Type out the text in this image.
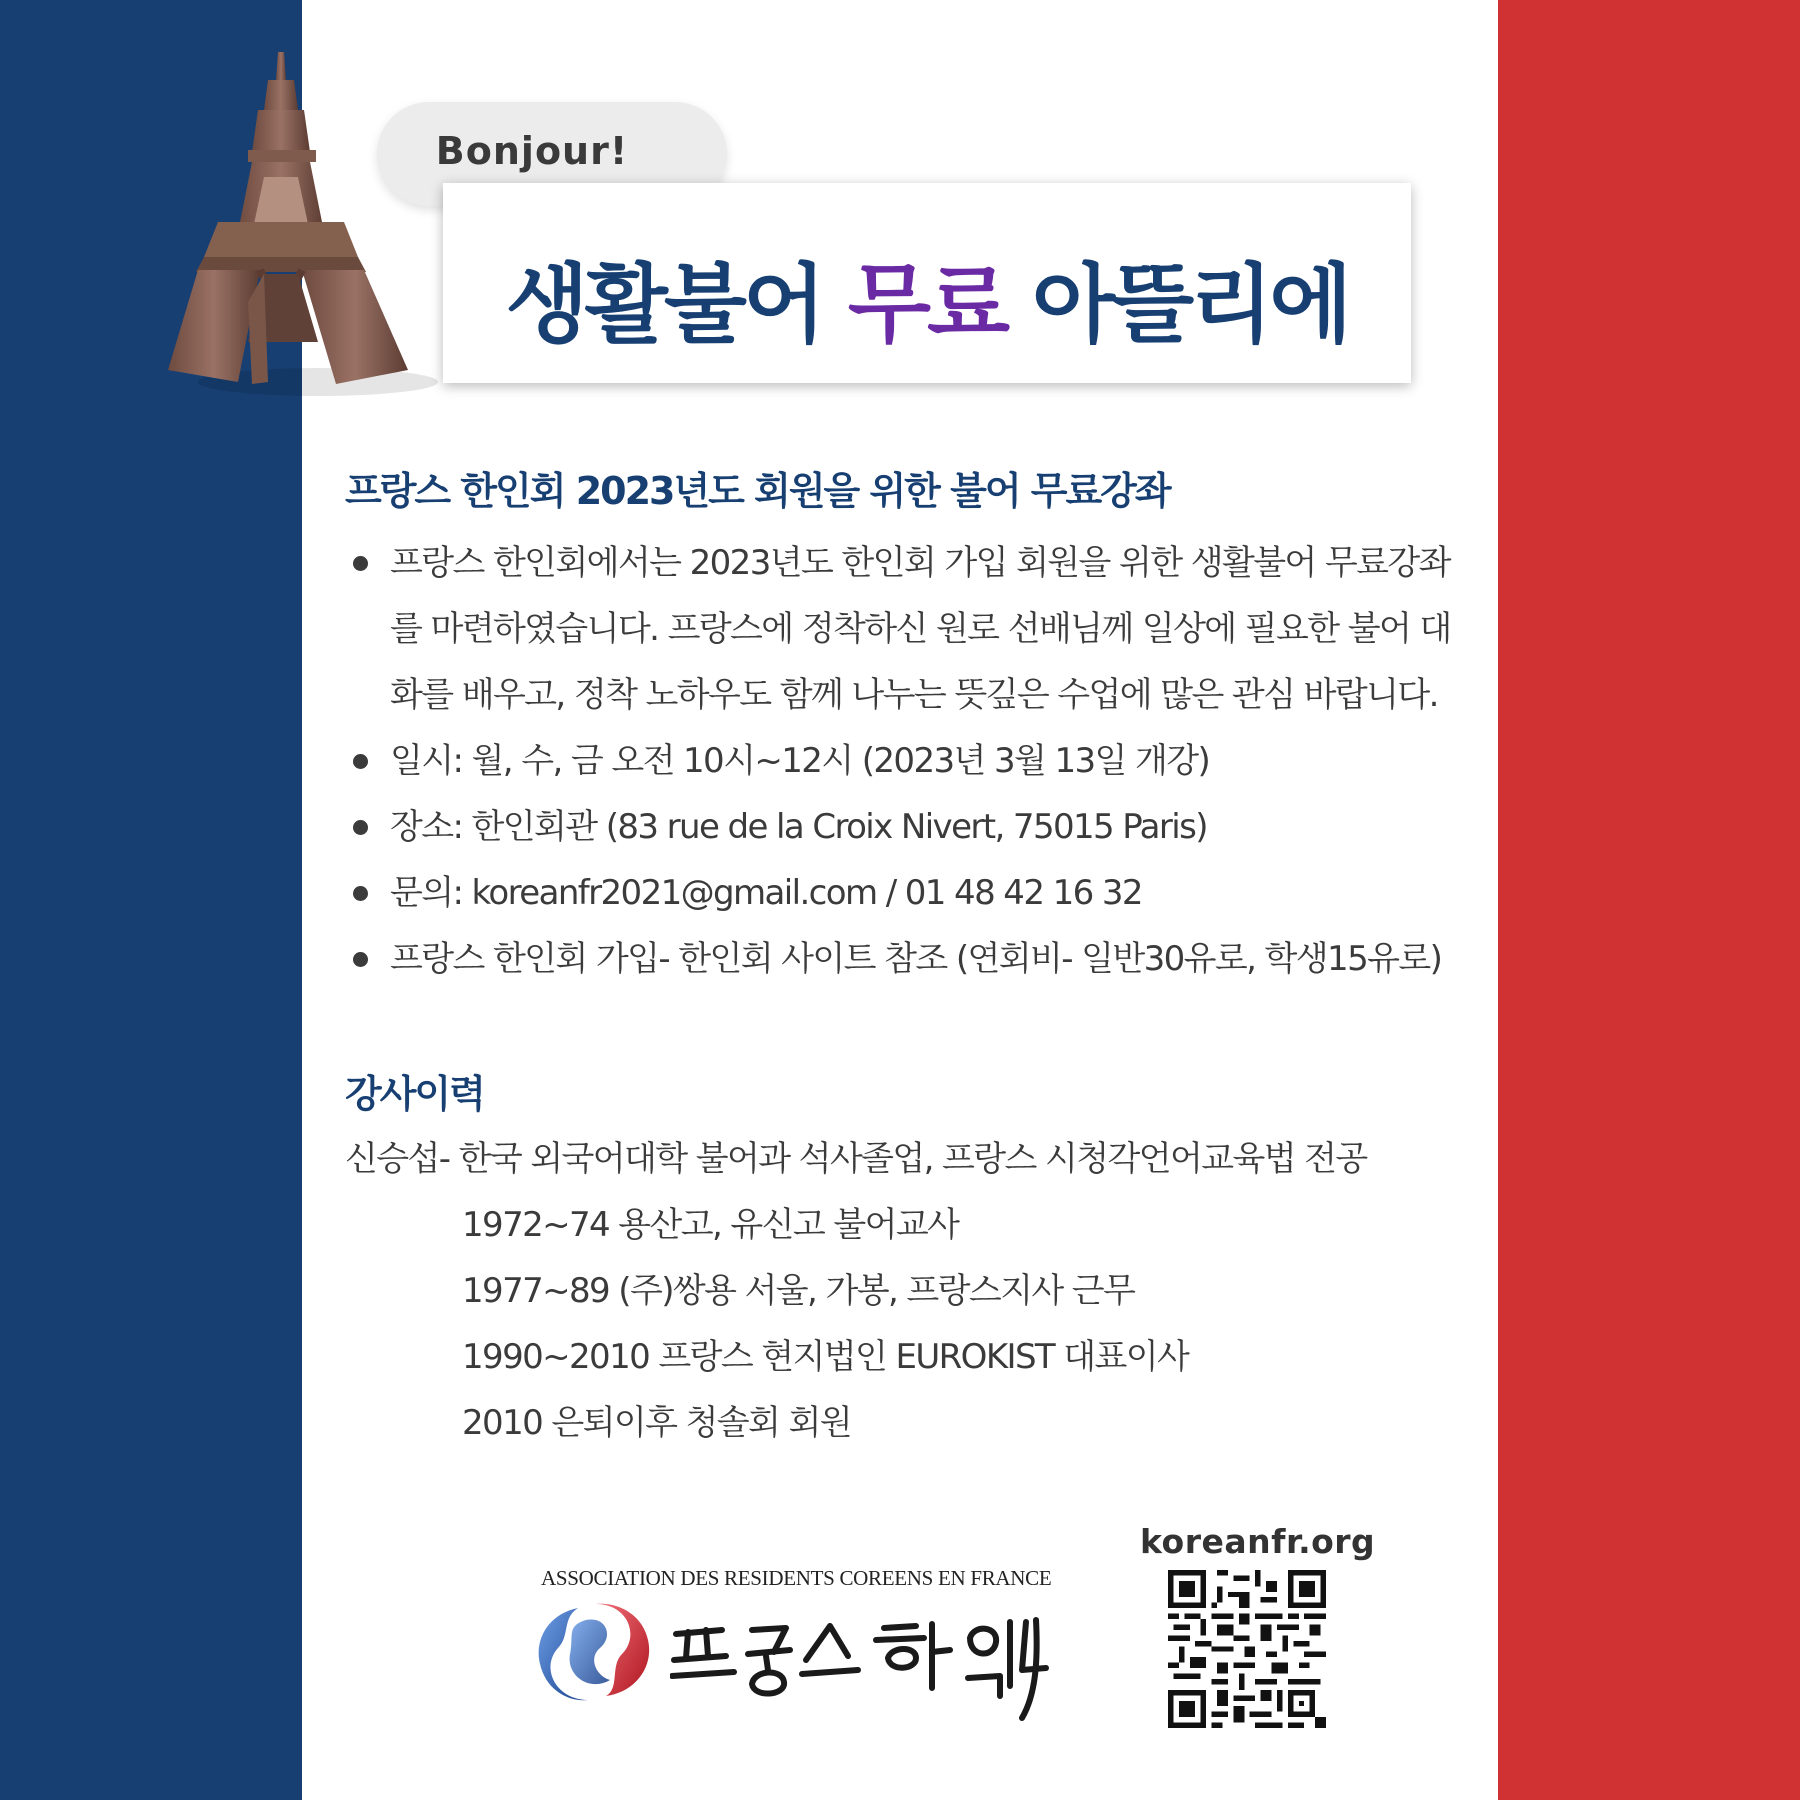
Bonjour!
생활불어 무료 아뜰리에
프랑스 한인회 2023년도 회원을 위한 불어 무료강좌
프랑스 한인회에서는 2023년도 한인회 가입 회원을 위한 생활불어 무료강좌를 마련하였습니다. 프랑스에 정착하신 원로 선배님께 일상에 필요한 불어 대화를 배우고, 정착 노하우도 함께 나누는 뜻깊은 수업에 많은 관심 바랍니다.
일시: 월, 수, 금 오전 10시~12시 (2023년 3월 13일 개강)
장소: 한인회관 (83 rue de la Croix Nivert, 75015 Paris)
문의: koreanfr2021@gmail.com / 01 48 42 16 32
프랑스 한인회 가입- 한인회 사이트 참조 (연회비- 일반30유로, 학생15유로)
강사이력
신승섭- 한국 외국어대학 불어과 석사졸업, 프랑스 시청각언어교육법 전공
1972~74 용산고, 유신고 불어교사
1977~89 (주)쌍용 서울, 가봉, 프랑스지사 근무
1990~2010 프랑스 현지법인 EUROKIST 대표이사
2010 은퇴이후 청솔회 회원
ASSOCIATION DES RESIDENTS COREENS EN FRANCE
koreanfr.org
